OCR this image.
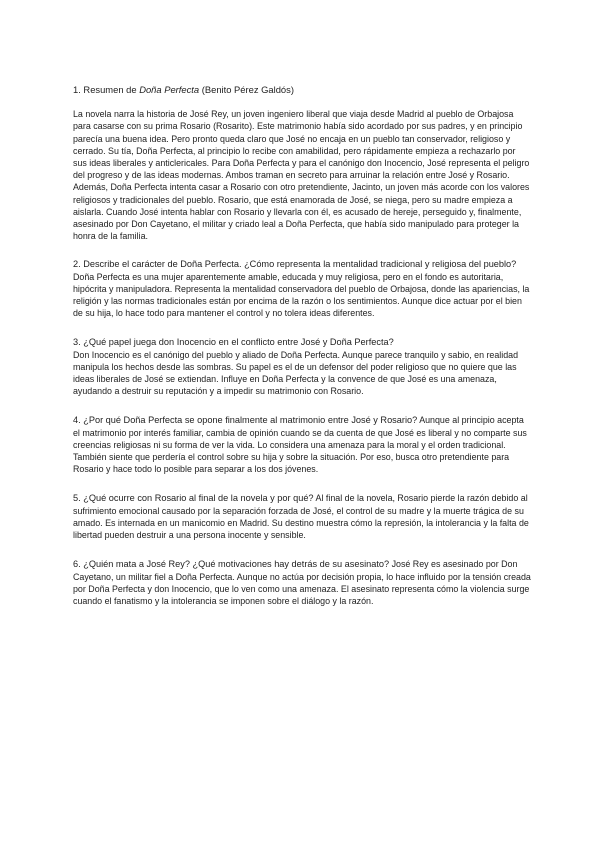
1. Resumen de Doña Perfecta (Benito Pérez Galdós)
La novela narra la historia de José Rey, un joven ingeniero liberal que viaja desde Madrid al pueblo de Orbajosa para casarse con su prima Rosario (Rosarito). Este matrimonio había sido acordado por sus padres, y en principio parecía una buena idea. Pero pronto queda claro que José no encaja en un pueblo tan conservador, religioso y cerrado. Su tía, Doña Perfecta, al principio lo recibe con amabilidad, pero rápidamente empieza a rechazarlo por sus ideas liberales y anticlericales. Para Doña Perfecta y para el canónigo don Inocencio, José representa el peligro del progreso y de las ideas modernas. Ambos traman en secreto para arruinar la relación entre José y Rosario. Además, Doña Perfecta intenta casar a Rosario con otro pretendiente, Jacinto, un joven más acorde con los valores religiosos y tradicionales del pueblo. Rosario, que está enamorada de José, se niega, pero su madre empieza a aislarla. Cuando José intenta hablar con Rosario y llevarla con él, es acusado de hereje, perseguido y, finalmente, asesinado por Don Cayetano, el militar y criado leal a Doña Perfecta, que había sido manipulado para proteger la honra de la familia.
2. Describe el carácter de Doña Perfecta. ¿Cómo representa la mentalidad tradicional y religiosa del pueblo? Doña Perfecta es una mujer aparentemente amable, educada y muy religiosa, pero en el fondo es autoritaria, hipócrita y manipuladora. Representa la mentalidad conservadora del pueblo de Orbajosa, donde las apariencias, la religión y las normas tradicionales están por encima de la razón o los sentimientos. Aunque dice actuar por el bien de su hija, lo hace todo para mantener el control y no tolera ideas diferentes.
3. ¿Qué papel juega don Inocencio en el conflicto entre José y Doña Perfecta?
Don Inocencio es el canónigo del pueblo y aliado de Doña Perfecta. Aunque parece tranquilo y sabio, en realidad manipula los hechos desde las sombras. Su papel es el de un defensor del poder religioso que no quiere que las ideas liberales de José se extiendan. Influye en Doña Perfecta y la convence de que José es una amenaza, ayudando a destruir su reputación y a impedir su matrimonio con Rosario.
4. ¿Por qué Doña Perfecta se opone finalmente al matrimonio entre José y Rosario? Aunque al principio acepta el matrimonio por interés familiar, cambia de opinión cuando se da cuenta de que José es liberal y no comparte sus creencias religiosas ni su forma de ver la vida. Lo considera una amenaza para la moral y el orden tradicional. También siente que perdería el control sobre su hija y sobre la situación. Por eso, busca otro pretendiente para Rosario y hace todo lo posible para separar a los dos jóvenes.
5. ¿Qué ocurre con Rosario al final de la novela y por qué? Al final de la novela, Rosario pierde la razón debido al sufrimiento emocional causado por la separación forzada de José, el control de su madre y la muerte trágica de su amado. Es internada en un manicomio en Madrid. Su destino muestra cómo la represión, la intolerancia y la falta de libertad pueden destruir a una persona inocente y sensible.
6. ¿Quién mata a José Rey? ¿Qué motivaciones hay detrás de su asesinato? José Rey es asesinado por Don Cayetano, un militar fiel a Doña Perfecta. Aunque no actúa por decisión propia, lo hace influido por la tensión creada por Doña Perfecta y don Inocencio, que lo ven como una amenaza. El asesinato representa cómo la violencia surge cuando el fanatismo y la intolerancia se imponen sobre el diálogo y la razón.
